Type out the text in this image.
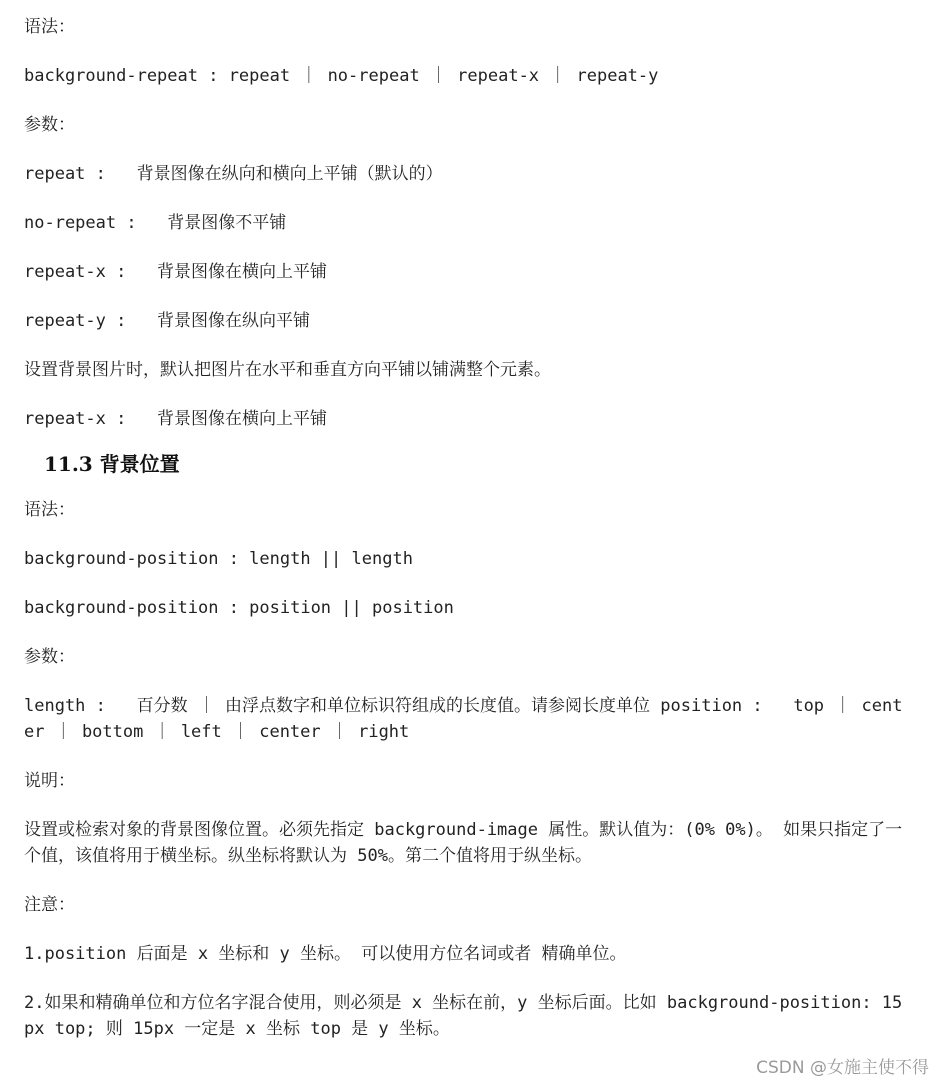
语法：
background-repeat : repeat ｜ no-repeat ｜ repeat-x ｜ repeat-y
参数：
repeat :   背景图像在纵向和横向上平铺（默认的）
no-repeat :   背景图像不平铺
repeat-x :   背景图像在横向上平铺
repeat-y :   背景图像在纵向平铺
设置背景图片时，默认把图片在水平和垂直方向平铺以铺满整个元素。
repeat-x :   背景图像在横向上平铺
11.3 背景位置
语法：
background-position : length || length
background-position : position || position
参数：
length :   百分数 ｜ 由浮点数字和单位标识符组成的长度值。请参阅长度单位 position :   top ｜ center ｜ bottom ｜ left ｜ center ｜ right
说明：
设置或检索对象的背景图像位置。必须先指定 background-image 属性。默认值为：(0% 0%)。 如果只指定了一个值，该值将用于横坐标。纵坐标将默认为 50%。第二个值将用于纵坐标。
注意：
1.position 后面是 x 坐标和 y 坐标。 可以使用方位名词或者 精确单位。
2.如果和精确单位和方位名字混合使用，则必须是 x 坐标在前，y 坐标后面。比如 background-position: 15px top; 则 15px 一定是 x 坐标 top 是 y 坐标。
CSDN @女施主使不得
